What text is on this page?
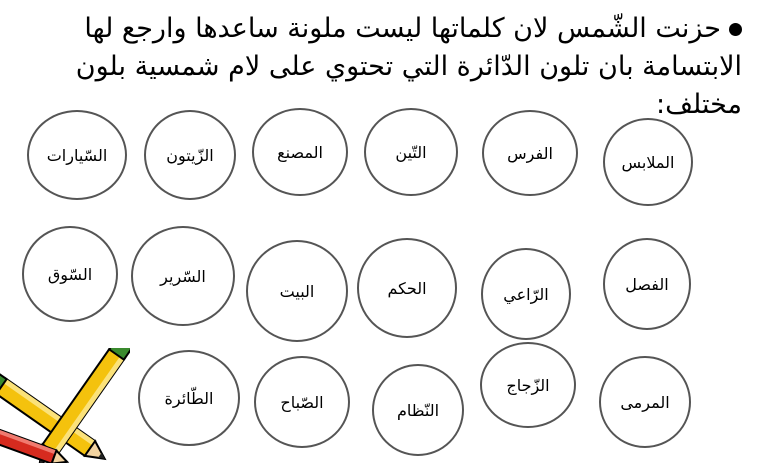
حزنت الشّمس لان كلماتها ليست ملونة ساعدها وارجع لها
الابتسامة بان تلون الدّائرة التي تحتوي على لام شمسية بلون
مختلف:
الملابس
الفرس
التّين
المصنع
الزّيتون
السّيارات
الفصل
الرّاعي
الحكم
البيت
السّرير
السّوق
المرمى
الزّجاج
النّظام
الصّباح
الطّائرة
